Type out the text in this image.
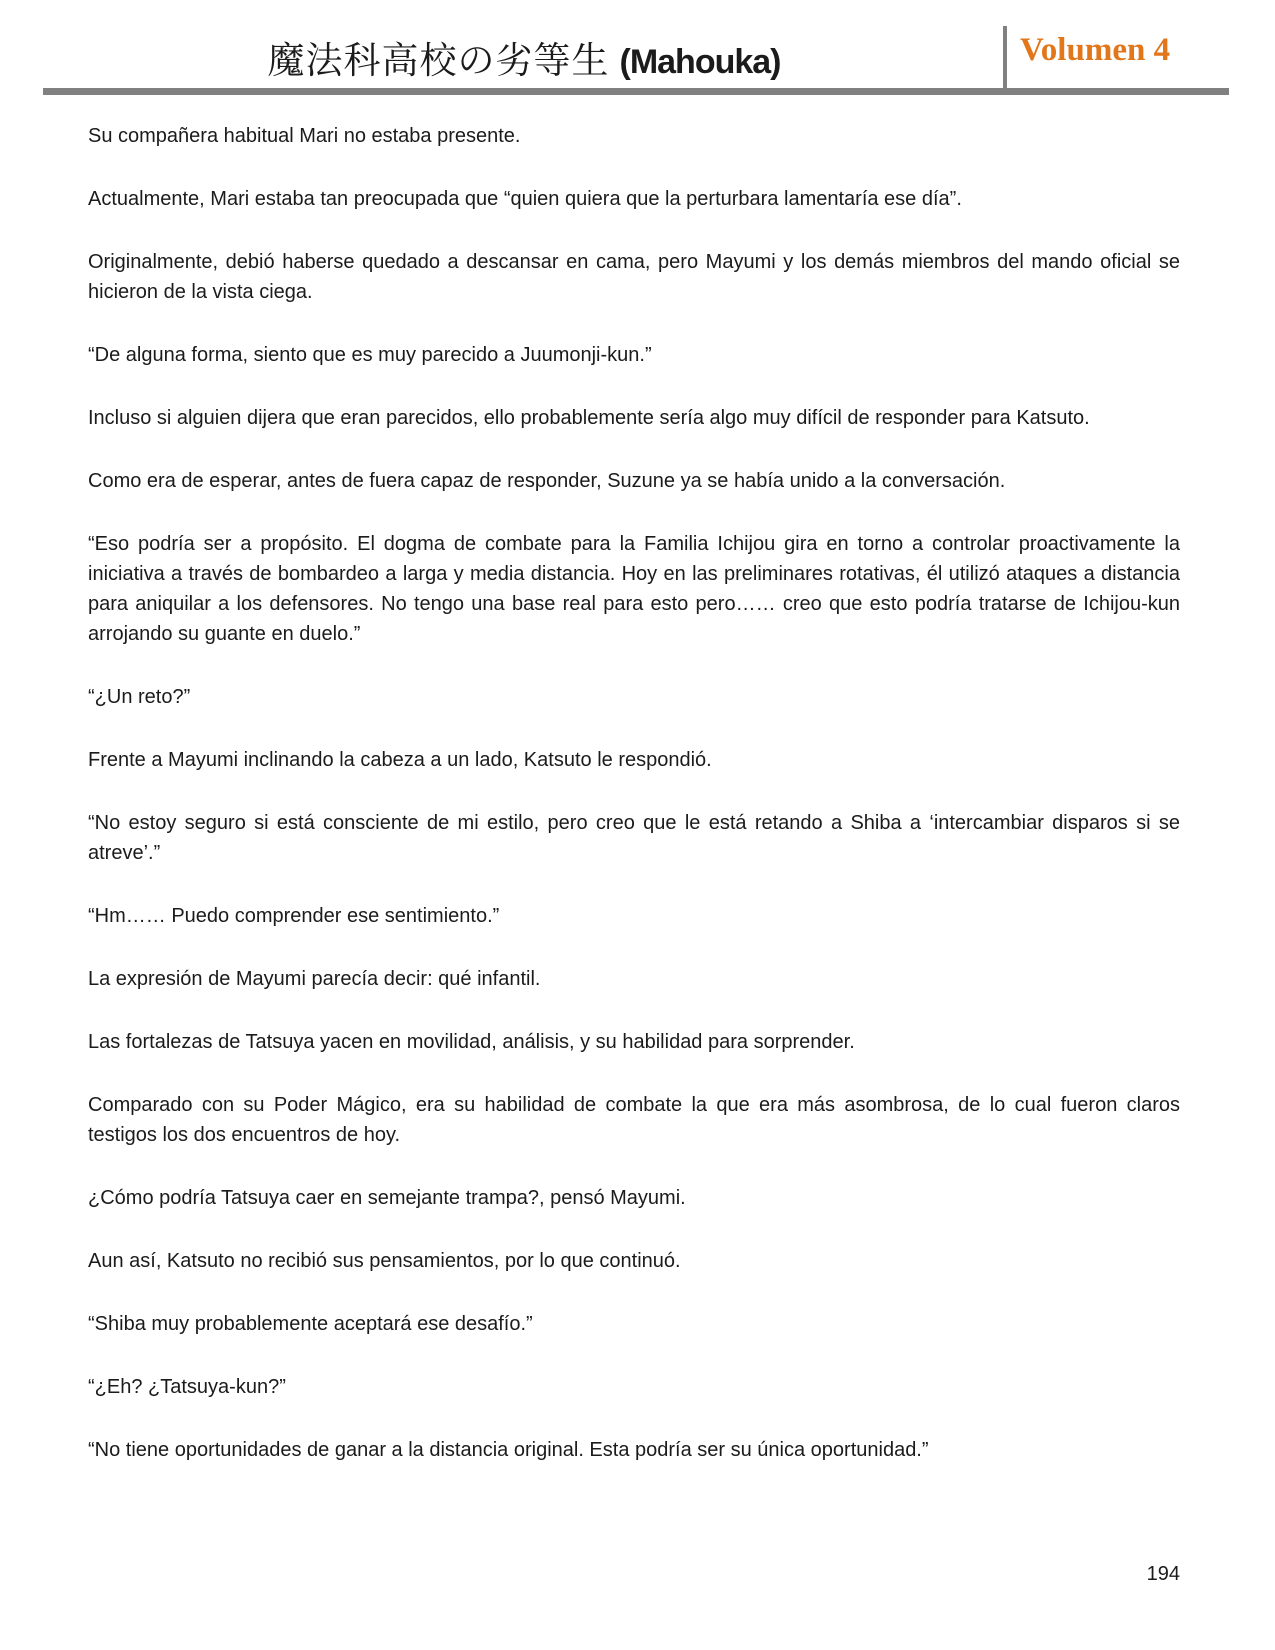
魔法科高校の劣等生 (Mahouka)	Volumen 4

Su compañera habitual Mari no estaba presente.

Actualmente, Mari estaba tan preocupada que “quien quiera que la perturbara lamentaría ese día”.

Originalmente, debió haberse quedado a descansar en cama, pero Mayumi y los demás miembros del mando oficial se hicieron de la vista ciega.

“De alguna forma, siento que es muy parecido a Juumonji-kun.”

Incluso si alguien dijera que eran parecidos, ello probablemente sería algo muy difícil de responder para Katsuto.

Como era de esperar, antes de fuera capaz de responder, Suzune ya se había unido a la conversación.

“Eso podría ser a propósito. El dogma de combate para la Familia Ichijou gira en torno a controlar proactivamente la iniciativa a través de bombardeo a larga y media distancia. Hoy en las preliminares rotativas, él utilizó ataques a distancia para aniquilar a los defensores. No tengo una base real para esto pero…… creo que esto podría tratarse de Ichijou-kun arrojando su guante en duelo.”

“¿Un reto?”

Frente a Mayumi inclinando la cabeza a un lado, Katsuto le respondió.

“No estoy seguro si está consciente de mi estilo, pero creo que le está retando a Shiba a ‘intercambiar disparos si se atreve’.”

“Hm…… Puedo comprender ese sentimiento.”

La expresión de Mayumi parecía decir: qué infantil.

Las fortalezas de Tatsuya yacen en movilidad, análisis, y su habilidad para sorprender.

Comparado con su Poder Mágico, era su habilidad de combate la que era más asombrosa, de lo cual fueron claros testigos los dos encuentros de hoy.

¿Cómo podría Tatsuya caer en semejante trampa?, pensó Mayumi.

Aun así, Katsuto no recibió sus pensamientos, por lo que continuó.

“Shiba muy probablemente aceptará ese desafío.”

“¿Eh? ¿Tatsuya-kun?”

“No tiene oportunidades de ganar a la distancia original. Esta podría ser su única oportunidad.”

194
